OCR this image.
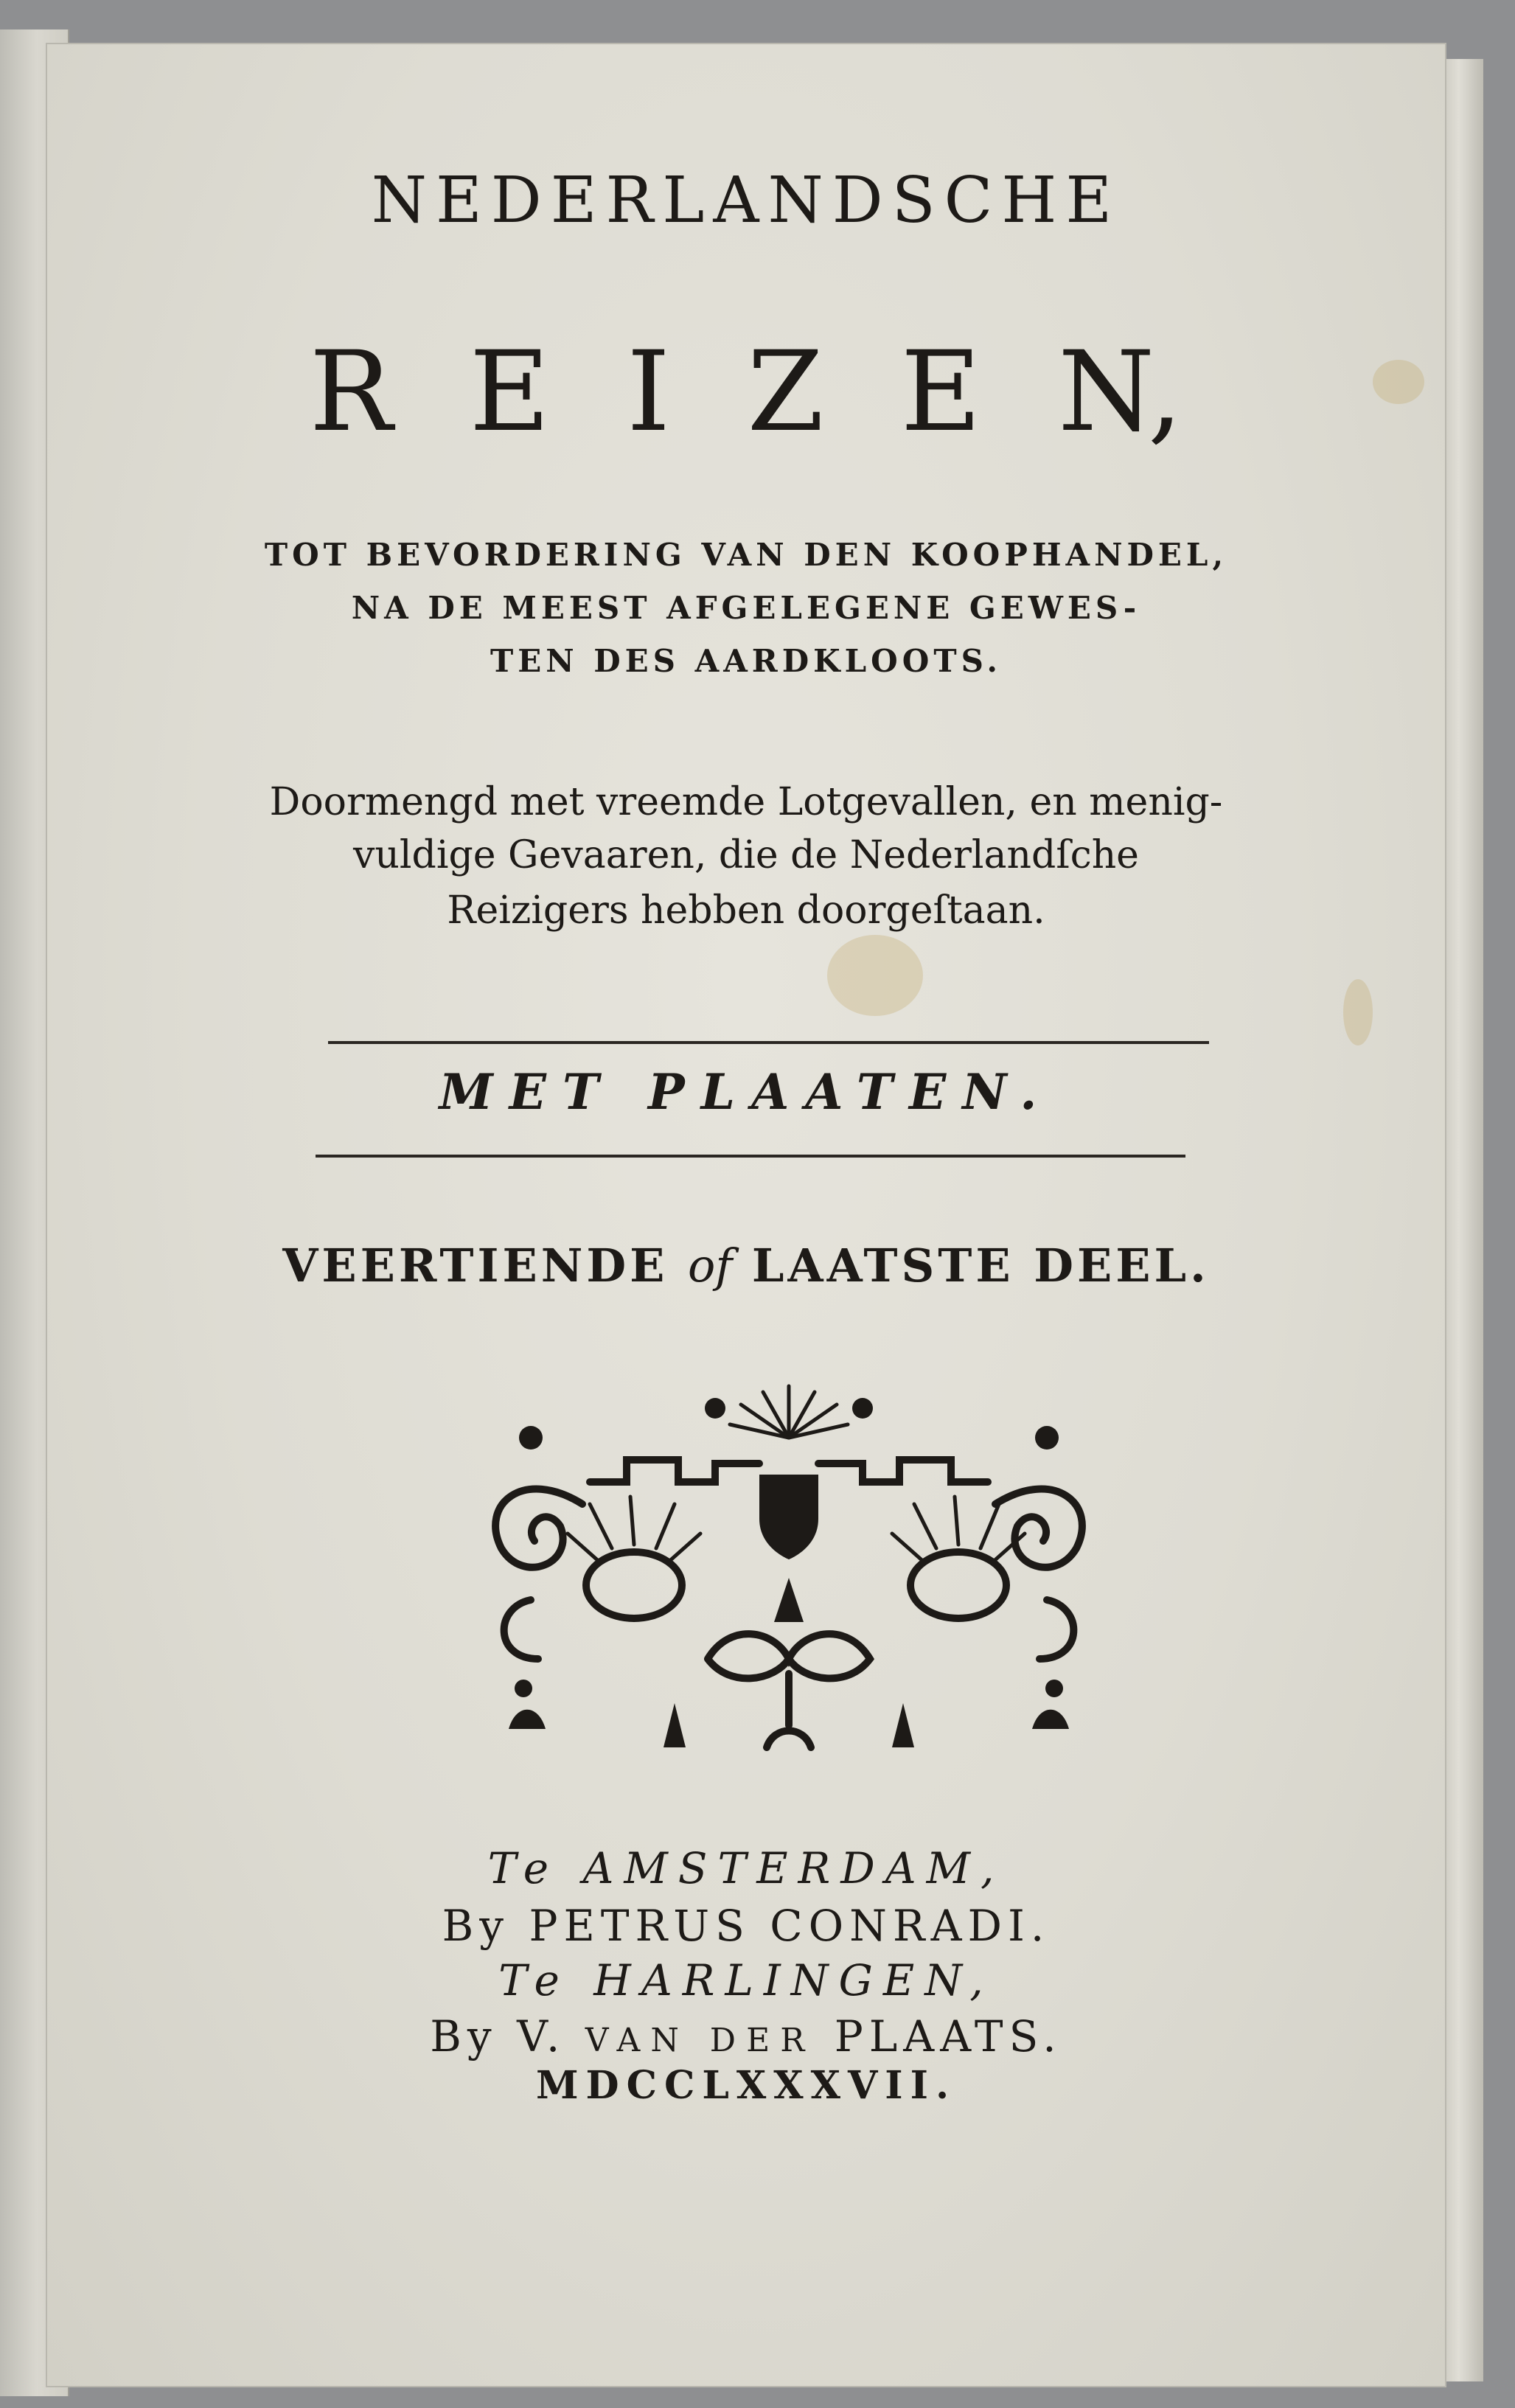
NEDERLANDSCHE
R E I Z E N,
TOT BEVORDERING VAN DEN KOOPHANDEL,
NA DE MEEST AFGELEGENE GEWES-
TEN DES AARDKLOOTS.
Doormengd met vreemde Lotgevallen, en menig-
vuldige Gevaaren, die de Nederlandſche
Reizigers hebben doorgeſtaan.
MET PLAATEN.
VEERTIENDE of LAATSTE DEEL.
Te AMSTERDAM,
By PETRUS CONRADI.
Te HARLINGEN,
By V. VAN DER PLAATS.
MDCCLXXXVII.
